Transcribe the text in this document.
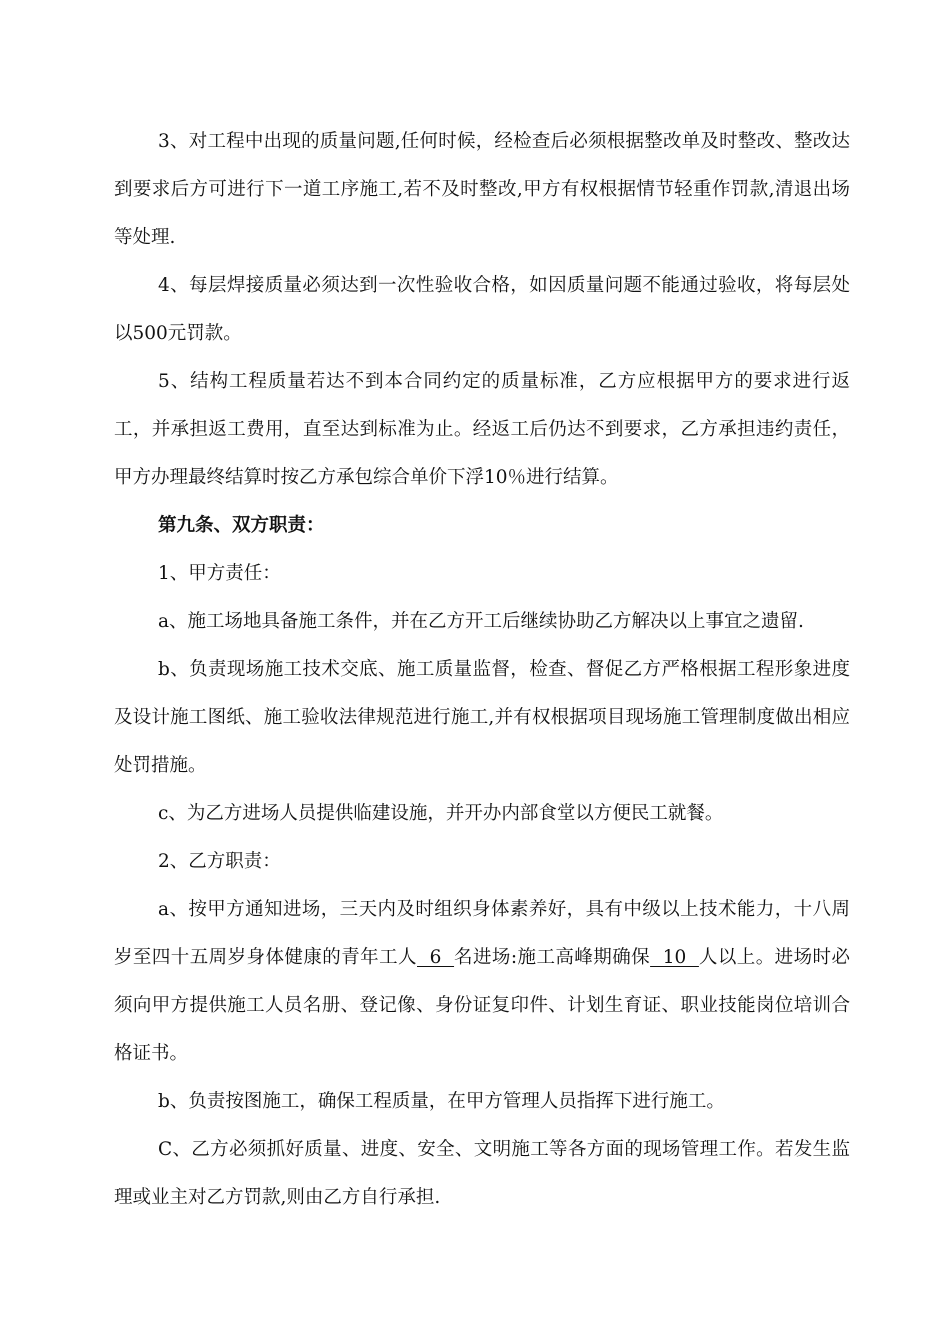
3、对工程中出现的质量问题,任何时候，经检查后必须根据整改单及时整改、整改达到要求后方可进行下一道工序施工,若不及时整改,甲方有权根据情节轻重作罚款,清退出场等处理.

4、每层焊接质量必须达到一次性验收合格，如因质量问题不能通过验收，将每层处以500元罚款。

5、结构工程质量若达不到本合同约定的质量标准，乙方应根据甲方的要求进行返工，并承担返工费用，直至达到标准为止。经返工后仍达不到要求，乙方承担违约责任，甲方办理最终结算时按乙方承包综合单价下浮10％进行结算。

第九条、双方职责：

1、甲方责任：

a、施工场地具备施工条件，并在乙方开工后继续协助乙方解决以上事宜之遗留.

b、负责现场施工技术交底、施工质量监督，检查、督促乙方严格根据工程形象进度及设计施工图纸、施工验收法律规范进行施工,并有权根据项目现场施工管理制度做出相应处罚措施。

c、为乙方进场人员提供临建设施，并开办内部食堂以方便民工就餐。

2、乙方职责：

a、按甲方通知进场，三天内及时组织身体素养好，具有中级以上技术能力，十八周岁至四十五周岁身体健康的青年工人  6  名进场:施工高峰期确保  10  人以上。进场时必须向甲方提供施工人员名册、登记像、身份证复印件、计划生育证、职业技能岗位培训合格证书。

b、负责按图施工，确保工程质量，在甲方管理人员指挥下进行施工。

C、乙方必须抓好质量、进度、安全、文明施工等各方面的现场管理工作。若发生监理或业主对乙方罚款,则由乙方自行承担.
